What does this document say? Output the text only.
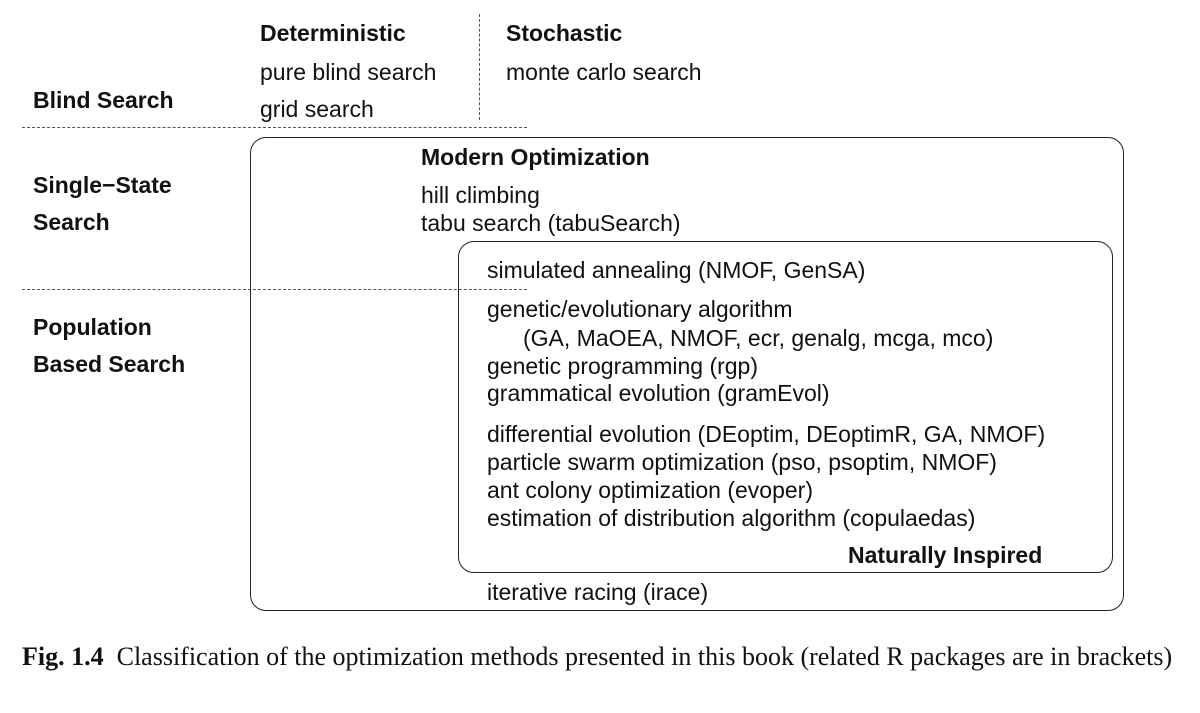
Deterministic
pure blind search
grid search
Stochastic
monte carlo search
Blind Search
Single−State
Search
Population
Based Search
Modern Optimization
hill climbing
tabu search (tabuSearch)
simulated annealing (NMOF, GenSA)
genetic/evolutionary algorithm
(GA, MaOEA, NMOF, ecr, genalg, mcga, mco)
genetic programming (rgp)
grammatical evolution (gramEvol)
differential evolution (DEoptim, DEoptimR, GA, NMOF)
particle swarm optimization (pso, psoptim, NMOF)
ant colony optimization (evoper)
estimation of distribution algorithm (copulaedas)
Naturally Inspired
iterative racing (irace)
Fig. 1.4 Classification of the optimization methods presented in this book (related R packages are in brackets)
